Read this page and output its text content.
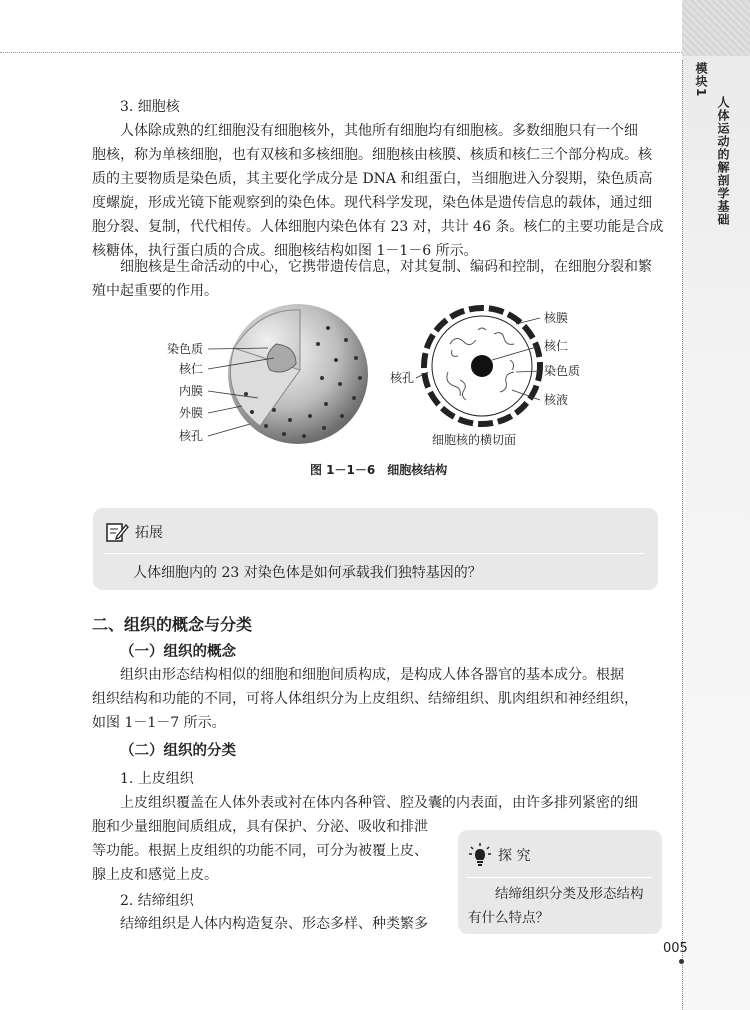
模块1
人体运动的解剖学基础

3. 细胞核

人体除成熟的红细胞没有细胞核外，其他所有细胞均有细胞核。多数细胞只有一个细
胞核，称为单核细胞，也有双核和多核细胞。细胞核由核膜、核质和核仁三个部分构成。核
质的主要物质是染色质，其主要化学成分是 DNA 和组蛋白，当细胞进入分裂期，染色质高
度螺旋，形成光镜下能观察到的染色体。现代科学发现，染色体是遗传信息的载体，通过细
胞分裂、复制，代代相传。人体细胞内染色体有 23 对，共计 46 条。核仁的主要功能是合成
核糖体，执行蛋白质的合成。细胞核结构如图 1－1－6 所示。
细胞核是生命活动的中心，它携带遗传信息，对其复制、编码和控制，在细胞分裂和繁
殖中起重要的作用。
染色质
核仁
内膜
外膜
核孔
核膜
核仁
染色质
核液
核孔
细胞核的横切面
图 1－1－6　细胞核结构
拓展
人体细胞内的 23 对染色体是如何承载我们独特基因的？

二、组织的概念与分类

（一）组织的概念

组织由形态结构相似的细胞和细胞间质构成，是构成人体各器官的基本成分。根据
组织结构和功能的不同，可将人体组织分为上皮组织、结缔组织、肌肉组织和神经组织，
如图 1－1－7 所示。

（二）组织的分类

1. 上皮组织

上皮组织覆盖在人体外表或衬在体内各种管、腔及囊的内表面，由许多排列紧密的细
胞和少量细胞间质组成，具有保护、分泌、吸收和排泄
等功能。根据上皮组织的功能不同，可分为被覆上皮、
腺上皮和感觉上皮。

2. 结缔组织

结缔组织是人体内构造复杂、形态多样、种类繁多
探 究
结缔组织分类及形态结构有什么特点？
005
